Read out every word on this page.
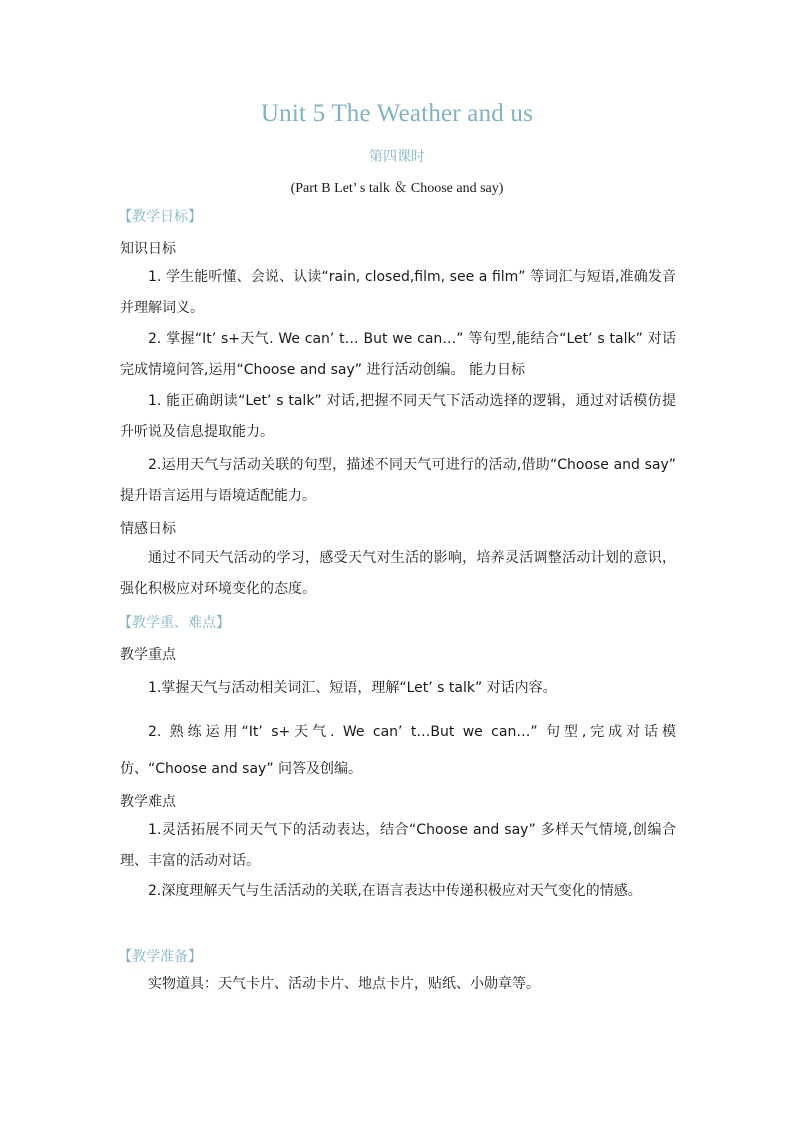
Unit 5 The Weather and us
第四课时
(Part B Let’ s talk ＆ Choose and say)
【教学日标】
知识日标

1. 学生能听懂、会说、认读“rain, closed,film, see a film” 等词汇与短语,准确发音并理解词义。

2. 掌握“It’ s+天气. We can’ t… But we can…” 等句型,能结合“Let’ s talk” 对话完成情境问答,运用“Choose and say” 进行活动创编。 能力日标

1. 能正确朗读“Let’ s talk” 对话,把握不同天气下活动选择的逻辑，通过对话模仿提升听说及信息提取能力。

2.运用天气与活动关联的句型，描述不同天气可进行的活动,借助“Choose and say” 提升语言运用与语境适配能力。

情感日标

通过不同天气活动的学习，感受天气对生活的影响，培养灵活调整活动计划的意识，强化积极应对环境变化的态度。

【教学重、难点】
教学重点

1.掌握天气与活动相关词汇、短语，理解“Let’ s talk” 对话内容。

2. 熟练运用“It’ s+天气. We can’ t…But we can…” 句型,完成对话模仿、“Choose and say” 问答及创编。

教学难点

1.灵活拓展不同天气下的活动表达，结合“Choose and say” 多样天气情境,创编合理、丰富的活动对话。

2.深度理解天气与生活活动的关联,在语言表达中传递积极应对天气变化的情感。

【教学准备】

实物道具：天气卡片、活动卡片、地点卡片，贴纸、小勋章等。
